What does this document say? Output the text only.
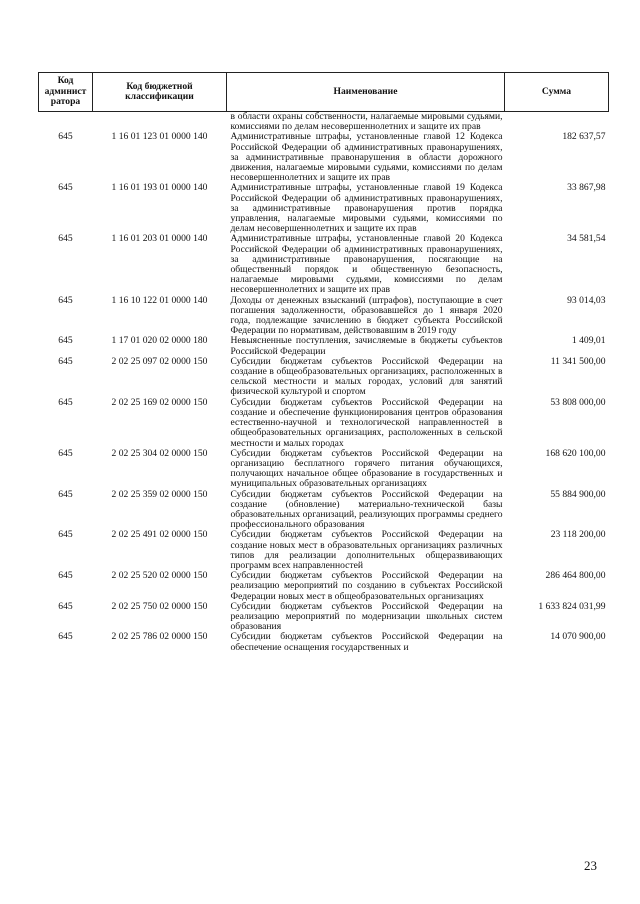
Код админист ратора	Код бюджетной классификации	Наименование	Сумма
		в области охраны собственности, налагаемые мировыми судьями, комиссиями по делам несовершеннолетних и защите их прав	
645	1 16 01 123 01 0000 140	Административные штрафы, установленные главой 12 Кодекса Российской Федерации об административных правонарушениях, за административные правонарушения в области дорожного движения, налагаемые мировыми судьями, комиссиями по делам несовершеннолетних и защите их прав	182 637,57
645	1 16 01 193 01 0000 140	Административные штрафы, установленные главой 19 Кодекса Российской Федерации об административных правонарушениях, за административные правонарушения против порядка управления, налагаемые мировыми судьями, комиссиями по делам несовершеннолетних и защите их прав	33 867,98
645	1 16 01 203 01 0000 140	Административные штрафы, установленные главой 20 Кодекса Российской Федерации об административных правонарушениях, за административные правонарушения, посягающие на общественный порядок и общественную безопасность, налагаемые мировыми судьями, комиссиями по делам несовершеннолетних и защите их прав	34 581,54
645	1 16 10 122 01 0000 140	Доходы от денежных взысканий (штрафов), поступающие в счет погашения задолженности, образовавшейся до 1 января 2020 года, подлежащие зачислению в бюджет субъекта Российской Федерации по нормативам, действовавшим в 2019 году	93 014,03
645	1 17 01 020 02 0000 180	Невыясненные поступления, зачисляемые в бюджеты субъектов Российской Федерации	1 409,01
645	2 02 25 097 02 0000 150	Субсидии бюджетам субъектов Российской Федерации на создание в общеобразовательных организациях, расположенных в сельской местности и малых городах, условий для занятий физической культурой и спортом	11 341 500,00
645	2 02 25 169 02 0000 150	Субсидии бюджетам субъектов Российской Федерации на создание и обеспечение функционирования центров образования естественно-научной и технологической направленностей в общеобразовательных организациях, расположенных в сельской местности и малых городах	53 808 000,00
645	2 02 25 304 02 0000 150	Субсидии бюджетам субъектов Российской Федерации на организацию бесплатного горячего питания обучающихся, получающих начальное общее образование в государственных и муниципальных образовательных организациях	168 620 100,00
645	2 02 25 359 02 0000 150	Субсидии бюджетам субъектов Российской Федерации на создание (обновление) материально-технической базы образовательных организаций, реализующих программы среднего профессионального образования	55 884 900,00
645	2 02 25 491 02 0000 150	Субсидии бюджетам субъектов Российской Федерации на создание новых мест в образовательных организациях различных типов для реализации дополнительных общеразвивающих программ всех направленностей	23 118 200,00
645	2 02 25 520 02 0000 150	Субсидии бюджетам субъектов Российской Федерации на реализацию мероприятий по созданию в субъектах Российской Федерации новых мест в общеобразовательных организациях	286 464 800,00
645	2 02 25 750 02 0000 150	Субсидии бюджетам субъектов Российской Федерации на реализацию мероприятий по модернизации школьных систем образования	1 633 824 031,99
645	2 02 25 786 02 0000 150	Субсидии бюджетам субъектов Российской Федерации на обеспечение оснащения государственных и	14 070 900,00
23
